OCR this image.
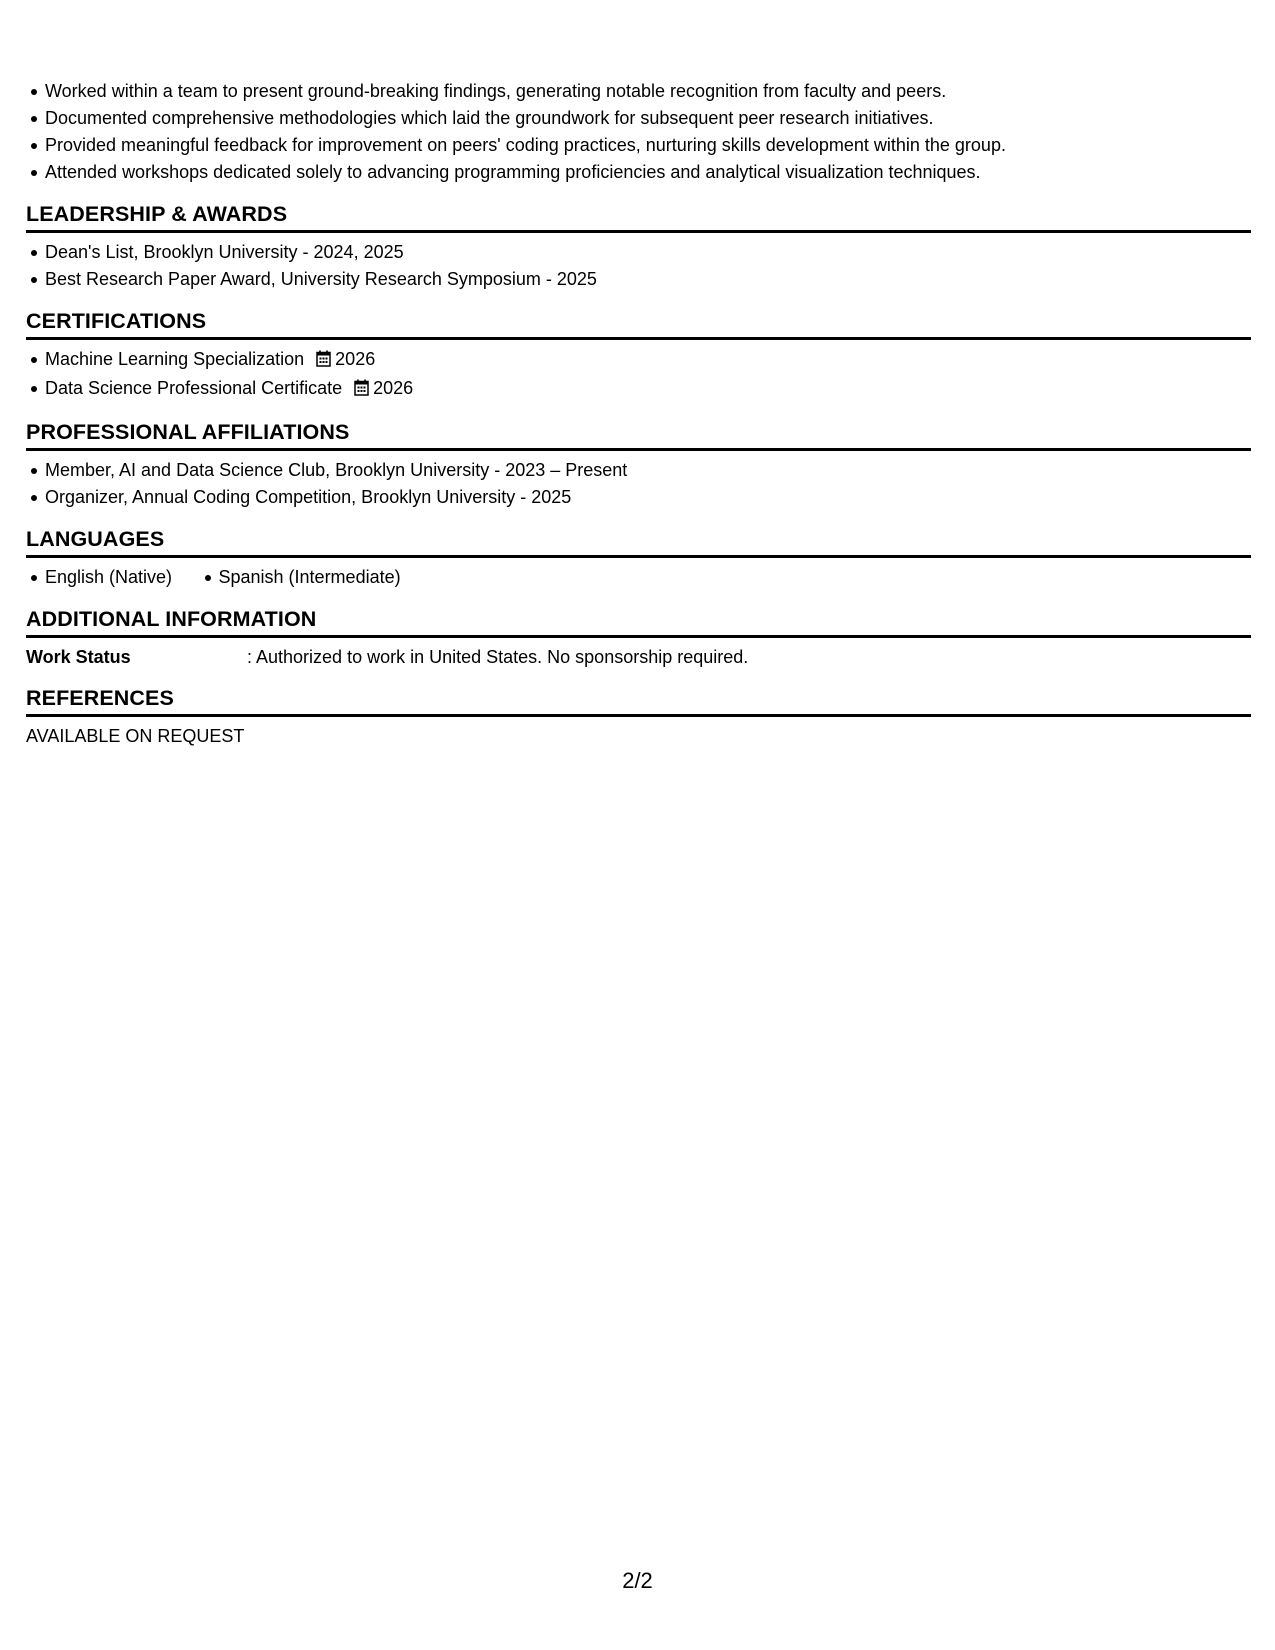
Worked within a team to present ground-breaking findings, generating notable recognition from faculty and peers.
Documented comprehensive methodologies which laid the groundwork for subsequent peer research initiatives.
Provided meaningful feedback for improvement on peers' coding practices, nurturing skills development within the group.
Attended workshops dedicated solely to advancing programming proficiencies and analytical visualization techniques.
LEADERSHIP & AWARDS
Dean's List, Brooklyn University - 2024, 2025
Best Research Paper Award, University Research Symposium - 2025
CERTIFICATIONS
Machine Learning Specialization 2026
Data Science Professional Certificate 2026
PROFESSIONAL AFFILIATIONS
Member, AI and Data Science Club, Brooklyn University - 2023 – Present
Organizer, Annual Coding Competition, Brooklyn University - 2025
LANGUAGES
English (Native)	Spanish (Intermediate)
ADDITIONAL INFORMATION
Work Status	: Authorized to work in United States. No sponsorship required.
REFERENCES
AVAILABLE ON REQUEST
2/2
